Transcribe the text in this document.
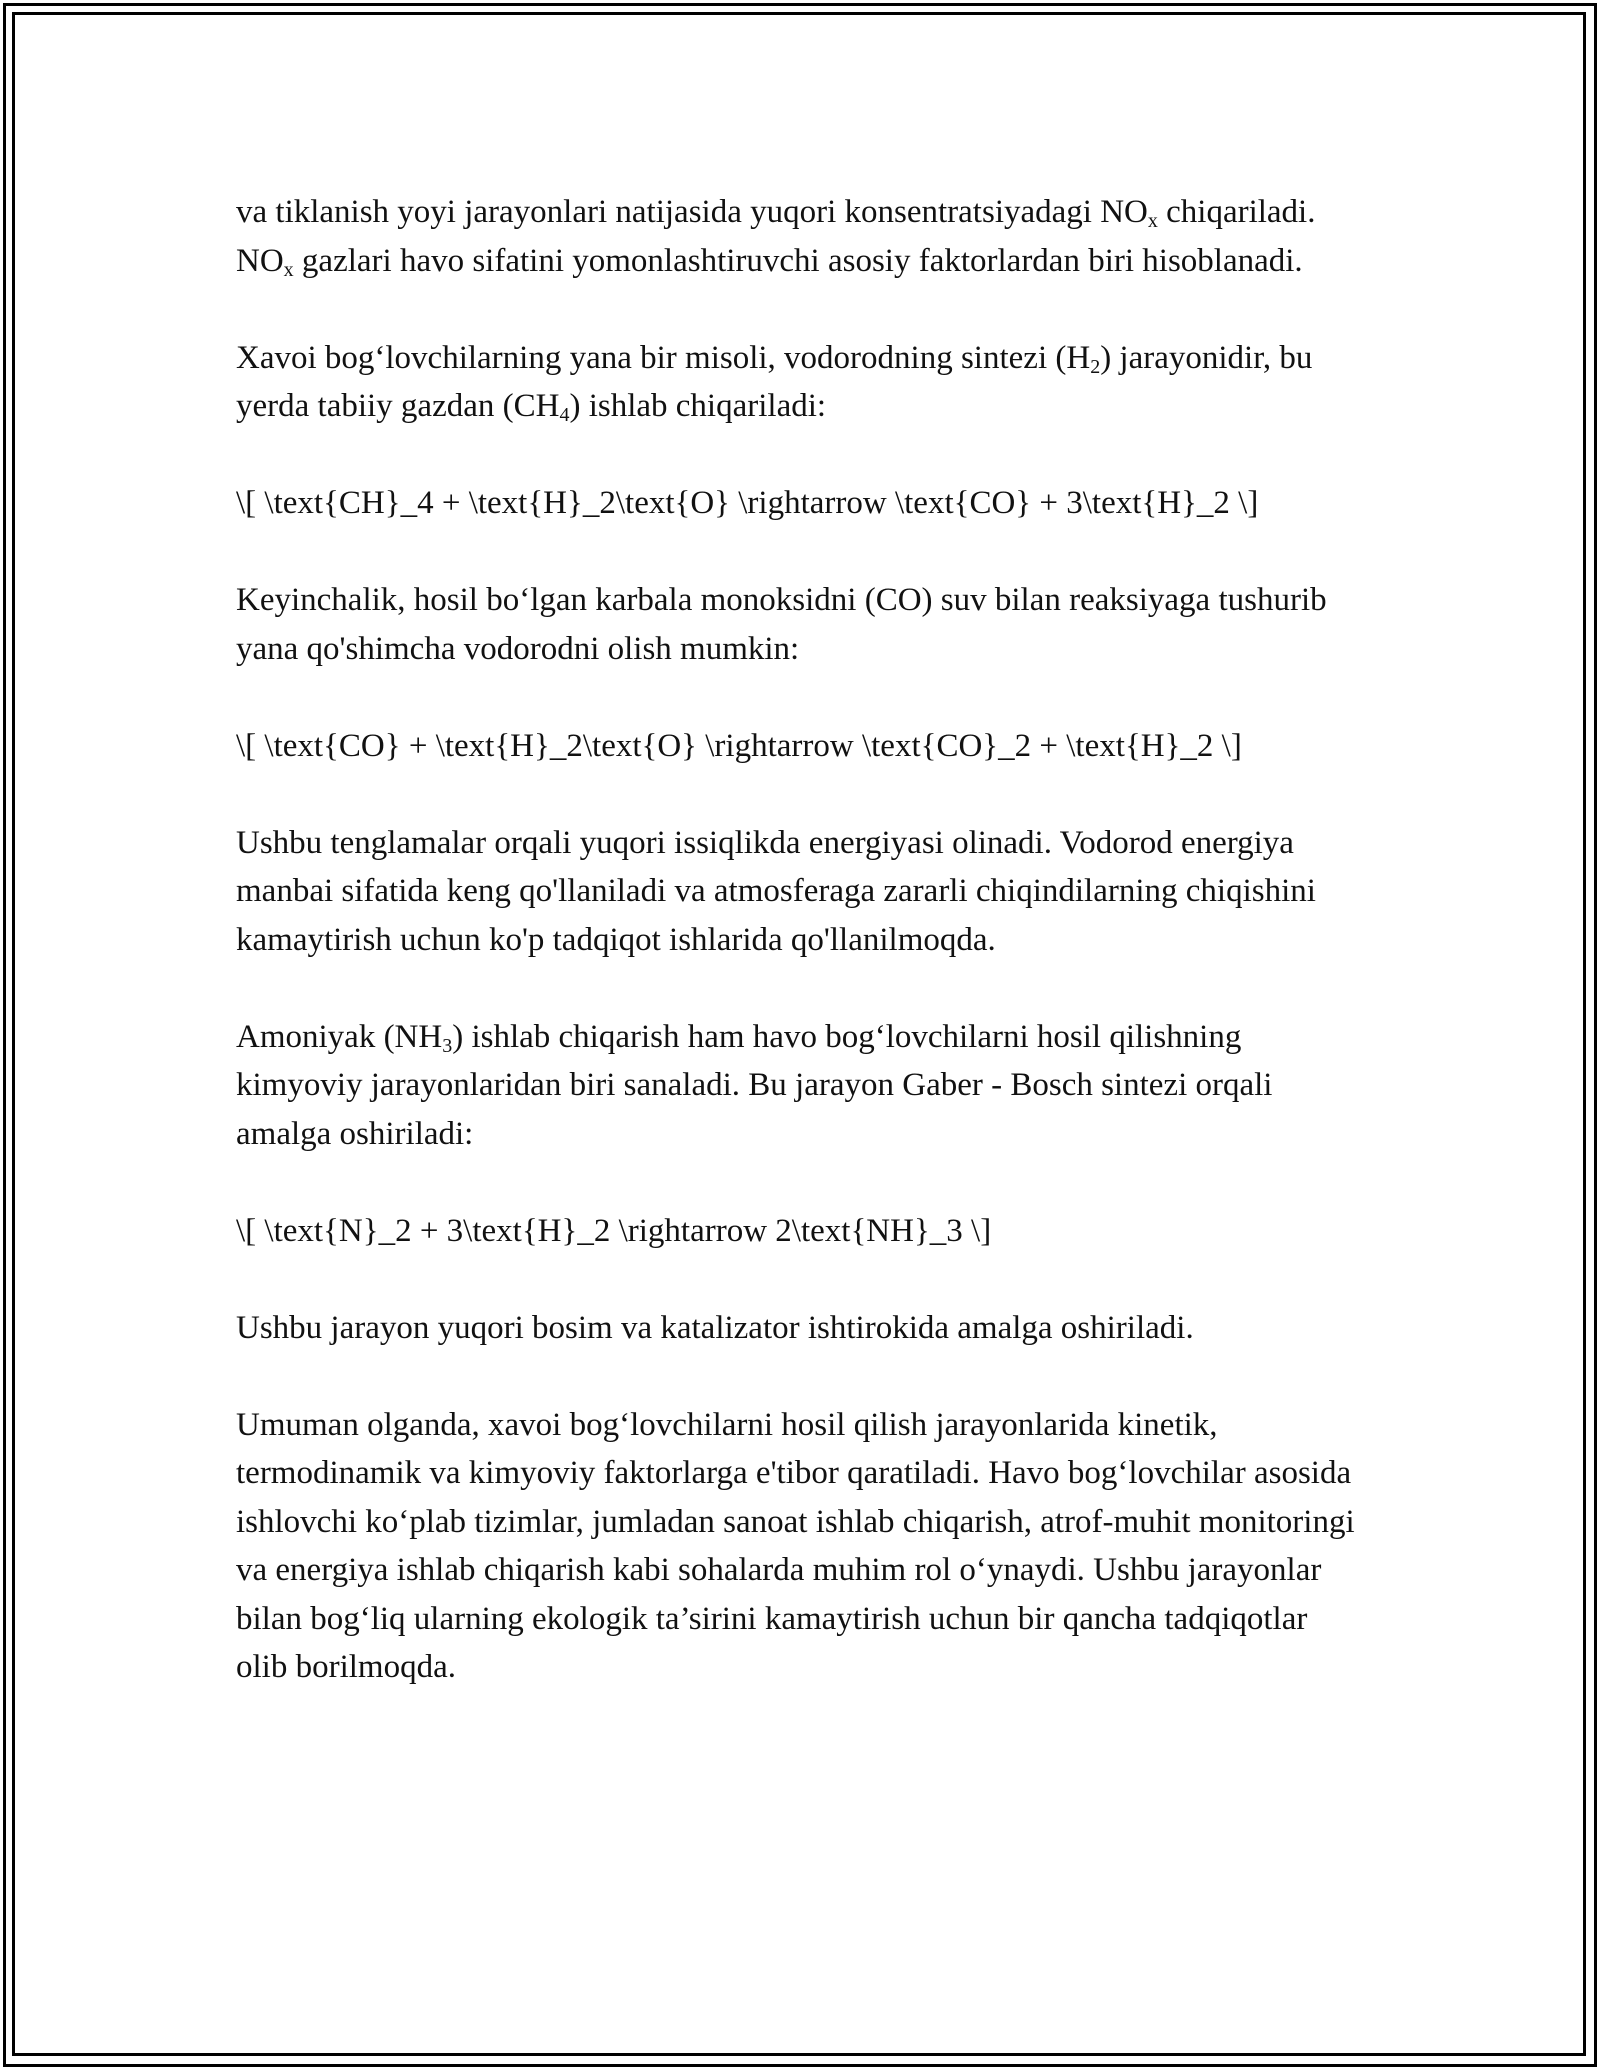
va tiklanish yoyi jarayonlari natijasida yuqori konsentratsiyadagi $NO_x$ chiqariladi. $NO_x$ gazlari havo sifatini yomonlashtiruvchi asosiy faktorlardan biri hisoblanadi.

Xavoi bog‘lovchilarning yana bir misoli, vodorodning sintezi $(H_2)$ jarayonidir, bu yerda tabiiy gazdan $(CH_4)$ ishlab chiqariladi:

\[ \text{CH}_4 + \text{H}_2\text{O} \rightarrow \text{CO} + 3\text{H}_2 \]

Keyinchalik, hosil bo‘lgan karbala monoksidni (CO) suv bilan reaksiyaga tushurib yana qo'shimcha vodorodni olish mumkin:

\[ \text{CO} + \text{H}_2\text{O} \rightarrow \text{CO}_2 + \text{H}_2 \]

Ushbu tenglamalar orqali yuqori issiqlikda energiyasi olinadi. Vodorod energiya manbai sifatida keng qo'llaniladi va atmosferaga zararli chiqindilarning chiqishini kamaytirish uchun ko'p tadqiqot ishlarida qo'llanilmoqda.

Amoniyak $(NH_3)$ ishlab chiqarish ham havo bog‘lovchilarni hosil qilishning kimyoviy jarayonlaridan biri sanaladi. Bu jarayon Gaber - Bosch sintezi orqali amalga oshiriladi:

\[ \text{N}_2 + 3\text{H}_2 \rightarrow 2\text{NH}_3 \]

Ushbu jarayon yuqori bosim va katalizator ishtirokida amalga oshiriladi.

Umuman olganda, xavoi bog‘lovchilarni hosil qilish jarayonlarida kinetik, termodinamik va kimyoviy faktorlarga e'tibor qaratiladi. Havo bog‘lovchilar asosida ishlovchi ko‘plab tizimlar, jumladan sanoat ishlab chiqarish, atrof-muhit monitoringi va energiya ishlab chiqarish kabi sohalarda muhim rol o‘ynaydi. Ushbu jarayonlar bilan bog‘liq ularning ekologik ta’sirini kamaytirish uchun bir qancha tadqiqotlar olib borilmoqda.
